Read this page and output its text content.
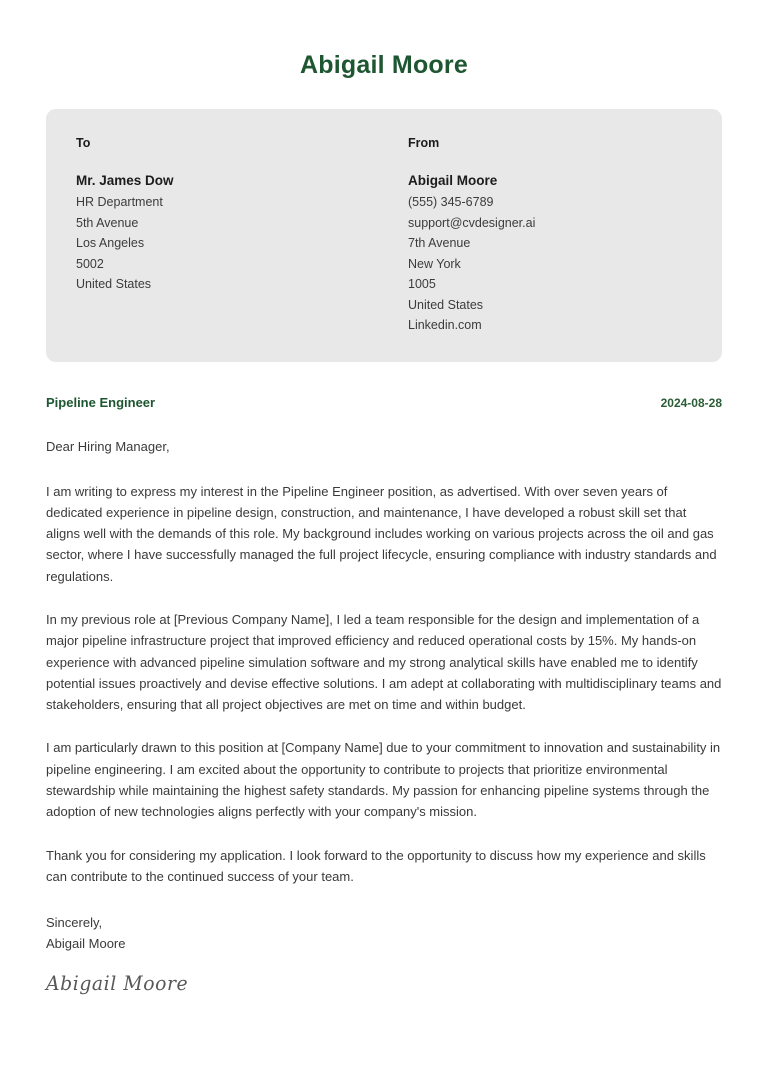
Abigail Moore
To
Mr. James Dow
HR Department
5th Avenue
Los Angeles
5002
United States
From
Abigail Moore
(555) 345-6789
support@cvdesigner.ai
7th Avenue
New York
1005
United States
Linkedin.com
Pipeline Engineer	2024-08-28
Dear Hiring Manager,
I am writing to express my interest in the Pipeline Engineer position, as advertised. With over seven years of dedicated experience in pipeline design, construction, and maintenance, I have developed a robust skill set that aligns well with the demands of this role. My background includes working on various projects across the oil and gas sector, where I have successfully managed the full project lifecycle, ensuring compliance with industry standards and regulations.
In my previous role at [Previous Company Name], I led a team responsible for the design and implementation of a major pipeline infrastructure project that improved efficiency and reduced operational costs by 15%. My hands-on experience with advanced pipeline simulation software and my strong analytical skills have enabled me to identify potential issues proactively and devise effective solutions. I am adept at collaborating with multidisciplinary teams and stakeholders, ensuring that all project objectives are met on time and within budget.
I am particularly drawn to this position at [Company Name] due to your commitment to innovation and sustainability in pipeline engineering. I am excited about the opportunity to contribute to projects that prioritize environmental stewardship while maintaining the highest safety standards. My passion for enhancing pipeline systems through the adoption of new technologies aligns perfectly with your company's mission.
Thank you for considering my application. I look forward to the opportunity to discuss how my experience and skills can contribute to the continued success of your team.
Sincerely,
Abigail Moore
Abigail Moore
